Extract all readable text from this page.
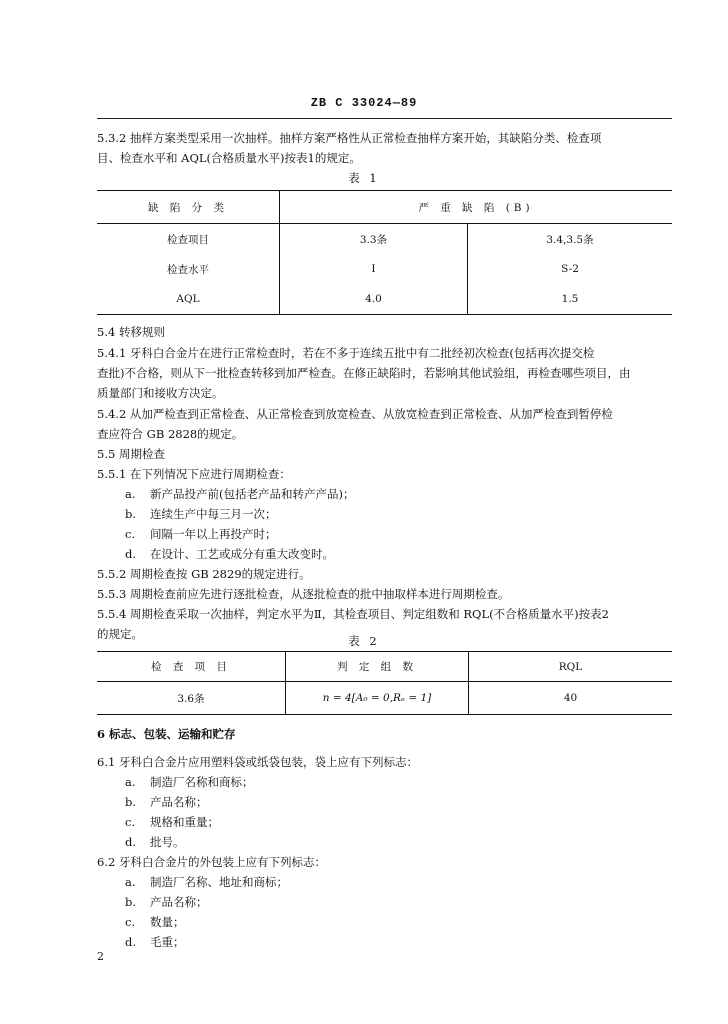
ZB C 33024—89
5.3.2 抽样方案类型采用一次抽样。抽样方案严格性从正常检查抽样方案开始，其缺陷分类、检查项
目、检查水平和 AQL(合格质量水平)按表1的规定。
表 1
缺 陷 分 类	严 重 缺 陷 (B)	
检查项目	3.3条	3.4,3.5条
检查水平	Ⅰ	S-2
AQL	4.0	1.5
5.4 转移规则
5.4.1 牙科白合金片在进行正常检查时，若在不多于连续五批中有二批经初次检查(包括再次提交检
查批)不合格，则从下一批检查转移到加严检查。在修正缺陷时，若影响其他试验组，再检查哪些项目，由
质量部门和接收方决定。
5.4.2 从加严检查到正常检查、从正常检查到放宽检查、从放宽检查到正常检查、从加严检查到暂停检
查应符合 GB 2828的规定。
5.5 周期检查
5.5.1 在下列情况下应进行周期检查：
a. 新产品投产前(包括老产品和转产产品)；
b. 连续生产中每三月一次；
c. 间隔一年以上再投产时；
d. 在设计、工艺或成分有重大改变时。
5.5.2 周期检查按 GB 2829的规定进行。
5.5.3 周期检查前应先进行逐批检查，从逐批检查的批中抽取样本进行周期检查。
5.5.4 周期检查采取一次抽样，判定水平为Ⅱ，其检查项目、判定组数和 RQL(不合格质量水平)按表2
的规定。	表 2
检 查 项 目	判 定 组 数	RQL
3.6条	n = 4[A₀ = 0,Rₑ = 1]	40
6 标志、包装、运输和贮存
6.1 牙科白合金片应用塑料袋或纸袋包装，袋上应有下列标志：
a. 制造厂名称和商标；
b. 产品名称；
c. 规格和重量；
d. 批号。
6.2 牙科白合金片的外包装上应有下列标志：
a. 制造厂名称、地址和商标；
b. 产品名称；
c. 数量；
d. 毛重；
2
